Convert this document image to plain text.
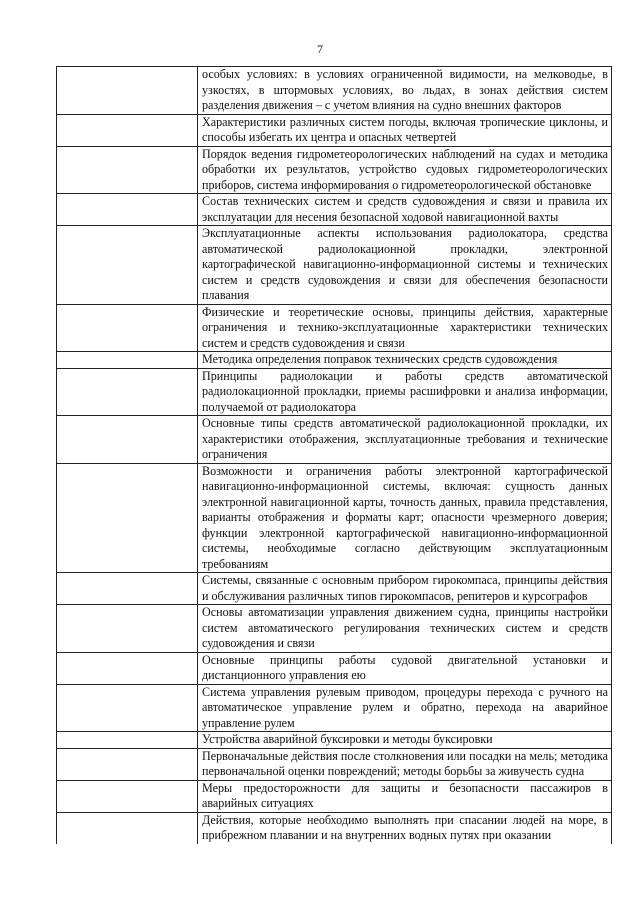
7
	особых условиях: в условиях ограниченной видимости, на мелководье, в узкостях, в штормовых условиях, во льдах, в зонах действия систем разделения движения – с учетом влияния на судно внешних факторов
	Характеристики различных систем погоды, включая тропические циклоны, и способы избегать их центра и опасных четвертей
	Порядок ведения гидрометеорологических наблюдений на судах и методика обработки их результатов, устройство судовых гидрометеорологических приборов, система информирования о гидрометеорологической обстановке
	Состав технических систем и средств судовождения и связи и правила их эксплуатации для несения безопасной ходовой навигационной вахты
	Эксплуатационные аспекты использования радиолокатора, средства автоматической радиолокационной прокладки, электронной картографической навигационно-информационной системы и технических систем и средств судовождения и связи для обеспечения безопасности плавания
	Физические и теоретические основы, принципы действия, характерные ограничения и технико-эксплуатационные характеристики технических систем и средств судовождения и связи
	Методика определения поправок технических средств судовождения
	Принципы радиолокации и работы средств автоматической радиолокационной прокладки, приемы расшифровки и анализа информации, получаемой от радиолокатора
	Основные типы средств автоматической радиолокационной прокладки, их характеристики отображения, эксплуатационные требования и технические ограничения
	Возможности и ограничения работы электронной картографической навигационно-информационной системы, включая: сущность данных электронной навигационной карты, точность данных, правила представления, варианты отображения и форматы карт; опасности чрезмерного доверия; функции электронной картографической навигационно-информационной системы, необходимые согласно действующим эксплуатационным требованиям
	Системы, связанные с основным прибором гирокомпаса, принципы действия и обслуживания различных типов гирокомпасов, репитеров и курсографов
	Основы автоматизации управления движением судна, принципы настройки систем автоматического регулирования технических систем и средств судовождения и связи
	Основные принципы работы судовой двигательной установки и дистанционного управления ею
	Система управления рулевым приводом, процедуры перехода с ручного на автоматическое управление рулем и обратно, перехода на аварийное управление рулем
	Устройства аварийной буксировки и методы буксировки
	Первоначальные действия после столкновения или посадки на мель; методика первоначальной оценки повреждений; методы борьбы за живучесть судна
	Меры предосторожности для защиты и безопасности пассажиров в аварийных ситуациях
	Действия, которые необходимо выполнять при спасании людей на море, в прибрежном плавании и на внутренних водных путях при оказании
